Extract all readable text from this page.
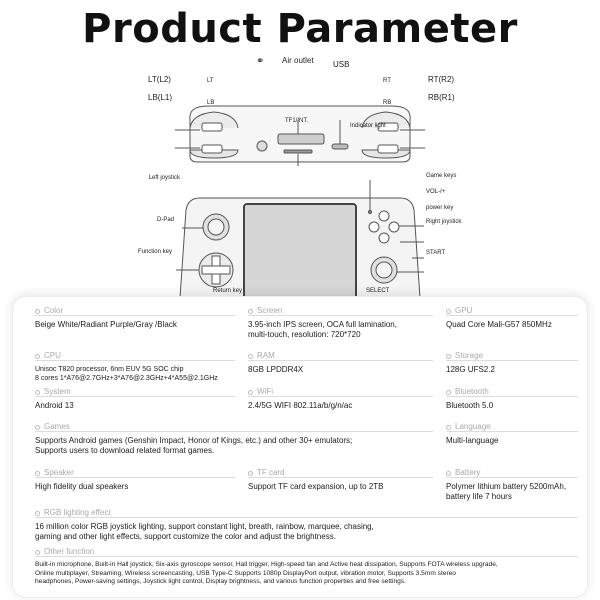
Product Parameter
LT
LB
RT
RB
LT(L2)
LB(L1)
RT(R2)
RB(R1)
Air outlet USB
⚭
TF1/INT.
Indicator light
Left joystick
D-Pad
Function key
Return key	SELECT
Game keys
VOL-/+
power key
Right joystick
START
Color
Beige White/Radiant Purple/Gray /Black
Screen
3.95-inch IPS screen, OCA full lamination,
multi-touch, resolution: 720*720
GPU
Quad Core Mali-G57 850MHz
CPU
Unisoc T820 processor, 6nm EUV 5G SOC chip
8 cores 1*A76@2.7GHz+3*A76@2.3GHz+4*A55@2.1GHz
RAM
8GB LPDDR4X
Storage
128G UFS2.2
System
Android 13
WiFi
2.4/5G WIFI 802.11a/b/g/n/ac
Bluetooth
Bluetooth 5.0
Games
Supports Android games (Genshin Impact, Honor of Kings, etc.) and other 30+ emulators;
Supports users to download related format games.
Language
Multi-language
Speaker
High fidelity dual speakers
TF card
Support TF card expansion, up to 2TB
Battery
Polymer lithium battery 5200mAh,
battery life 7 hours
RGB lighting effect
16 million color RGB joystick lighting, support constant light, breath, rainbow, marquee, chasing,
gaming and other light effects, support customize the color and adjust the brightness.
Other function
Built-in microphone, Built-in Hall joystick, Six-axis gyroscope sensor, Hall trigger, High-speed fan and Active heat dissipation, Supports FOTA wireless upgrade,
Online multiplayer, Streaming, Wireless screencasting, USB Type-C Supports 1080p DisplayPort output, vibration motor, Supports 3.5mm stereo
headphones, Power-saving settings, Joystick light control, Display brightness, and various function properties and free settings.
